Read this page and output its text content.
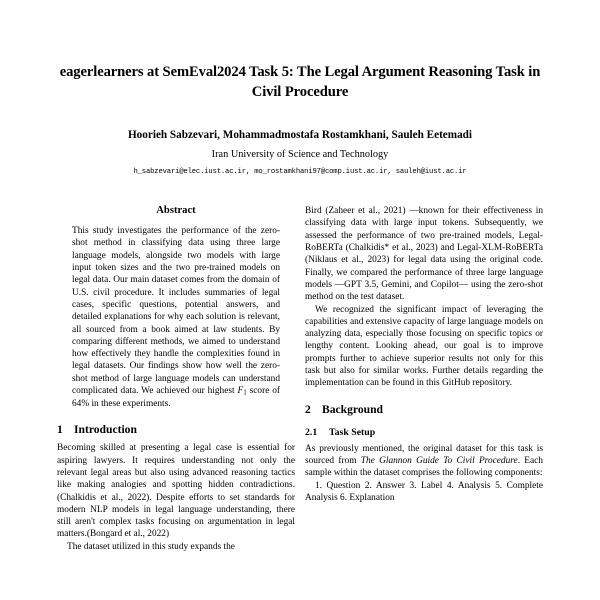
eagerlearners at SemEval2024 Task 5: The Legal Argument Reasoning Task in Civil Procedure
Hoorieh Sabzevari, Mohammadmostafa Rostamkhani, Sauleh Eetemadi
Iran University of Science and Technology
h_sabzevari@elec.iust.ac.ir, mo_rostamkhani97@comp.iust.ac.ir, sauleh@iust.ac.ir
Abstract

This study investigates the performance of the zero-shot method in classifying data using three large language models, alongside two models with large input token sizes and the two pre-trained models on legal data. Our main dataset comes from the domain of U.S. civil procedure. It includes summaries of legal cases, specific questions, potential answers, and detailed explanations for why each solution is relevant, all sourced from a book aimed at law students. By comparing different methods, we aimed to understand how effectively they handle the complexities found in legal datasets. Our findings show how well the zero-shot method of large language models can understand complicated data. We achieved our highest $F_1$ score of 64% in these experiments.

1 Introduction

Becoming skilled at presenting a legal case is essential for aspiring lawyers. It requires understanding not only the relevant legal areas but also using advanced reasoning tactics like making analogies and spotting hidden contradictions. (Chalkidis et al., 2022). Despite efforts to set standards for modern NLP models in legal language understanding, there still aren't complex tasks focusing on argumentation in legal matters.(Bongard et al., 2022)

The dataset utilized in this study expands the

Bird (Zaheer et al., 2021) —known for their effectiveness in classifying data with large input tokens. Subsequently, we assessed the performance of two pre-trained models, Legal-RoBERTa (Chalkidis* et al., 2023) and Legal-XLM-RoBERTa (Niklaus et al., 2023) for legal data using the original code. Finally, we compared the performance of three large language models —GPT 3.5, Gemini, and Copilot— using the zero-shot method on the test dataset.

We recognized the significant impact of leveraging the capabilities and extensive capacity of large language models on analyzing data, especially those focusing on specific topics or lengthy content. Looking ahead, our goal is to improve prompts further to achieve superior results not only for this task but also for similar works. Further details regarding the implementation can be found in this GitHub repository.

2 Background
2.1	Task Setup

As previously mentioned, the original dataset for this task is sourced from The Glannon Guide To Civil Procedure. Each sample within the dataset comprises the following components:

1. Question 2. Answer 3. Label 4. Analysis 5. Complete Analysis 6. Explanation
